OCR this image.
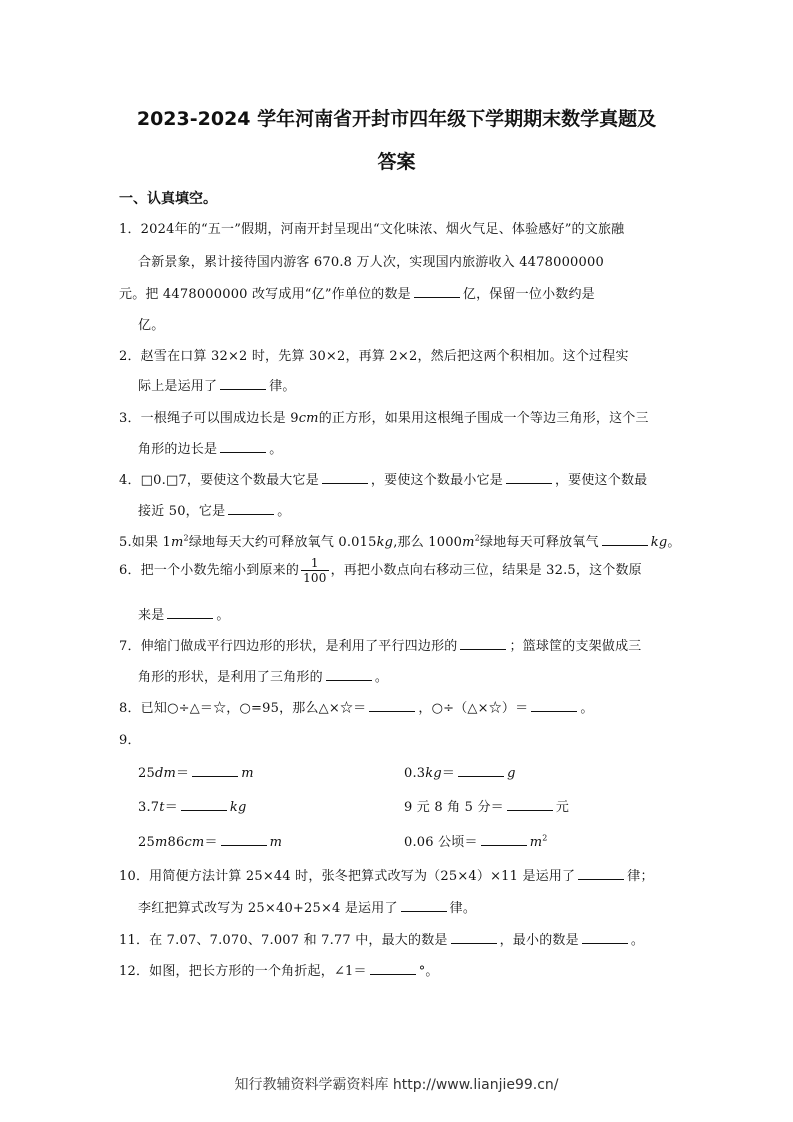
2023-2024 学年河南省开封市四年级下学期期末数学真题及
答案
一、认真填空。
1．2024年的“五一”假期，河南开封呈现出“文化味浓、烟火气足、体验感好”的文旅融
合新景象，累计接待国内游客 670.8 万人次，实现国内旅游收入 4478000000
元。把 4478000000 改写成用“亿”作单位的数是	亿，保留一位小数约是
亿。
2．赵雪在口算 32×2 时，先算 30×2，再算 2×2，然后把这两个积相加。这个过程实
际上是运用了	律。
3．一根绳子可以围成边长是 9cm的正方形，如果用这根绳子围成一个等边三角形，这个三
角形的边长是	。
4．□0.□7，要使这个数最大它是	，要使这个数最小它是	，要使这个数最
接近 50，它是	。
5.如果 $1m^2$绿地每天大约可释放氧气 0.015kg,那么 $1000m^2$绿地每天可释放氧气	kg。
6．把一个小数先缩小到原来的 $\frac{1}{100}$ ，再把小数点向右移动三位，结果是 32.5，这个数原
来是	。
7．伸缩门做成平行四边形的形状，是利用了平行四边形的	；篮球筐的支架做成三
角形的形状，是利用了三角形的	。
8．已知○÷△＝☆，○=95，那么△×☆＝	，○÷（△×☆）＝	。
9．
25dm＝	m	0.3kg＝	g
3.7t＝	kg	9 元 8 角 5 分＝	元
25m86cm＝	m	0.06 公顷＝	$m^2$
10．用简便方法计算 25×44 时，张冬把算式改写为（25×4）×11 是运用了	律；
李红把算式改写为 25×40+25×4 是运用了	律。
11．在 7.07、7.070、7.007 和 7.77 中，最大的数是	，最小的数是	。
12．如图，把长方形的一个角折起，∠1＝	°。
知行教辅资料学霸资料库 http://www.lianjie99.cn/
